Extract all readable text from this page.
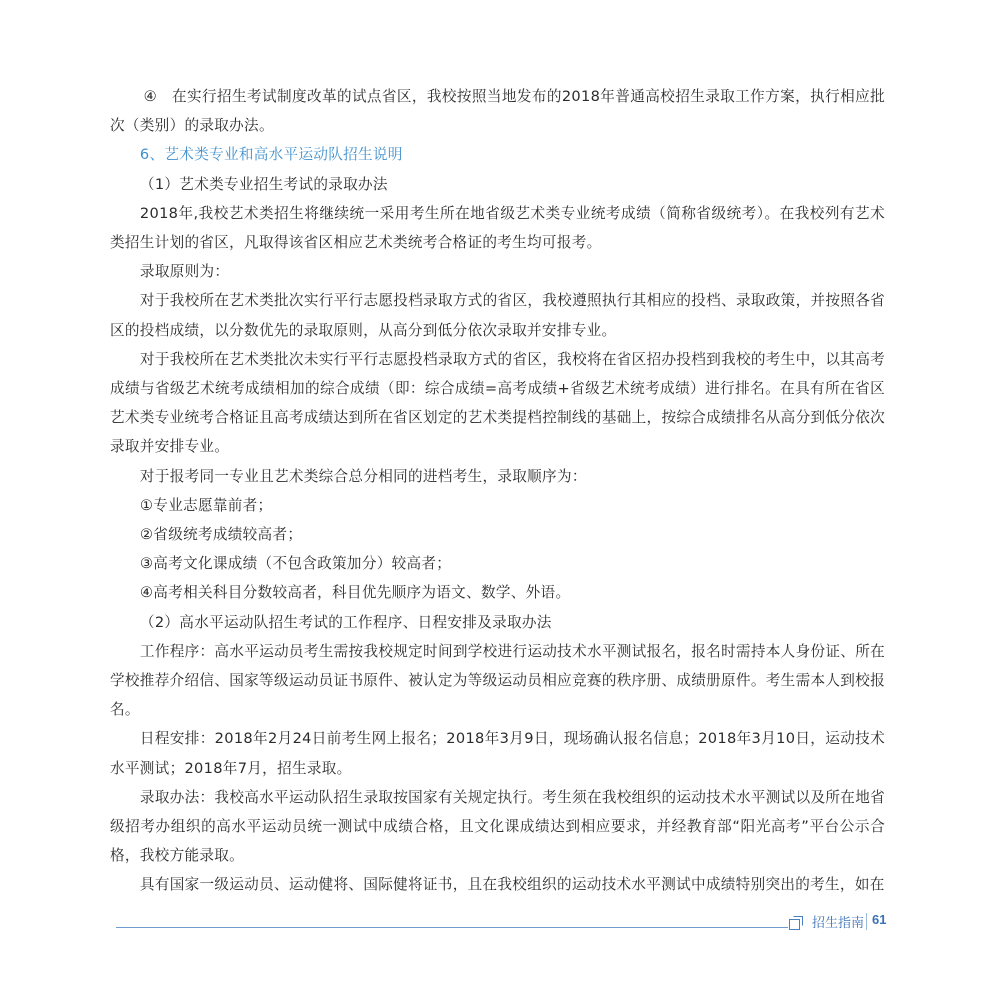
④　在实行招生考试制度改革的试点省区，我校按照当地发布的2018年普通高校招生录取工作方案，执行相应批次（类别）的录取办法。

6、艺术类专业和高水平运动队招生说明

（1）艺术类专业招生考试的录取办法

2018年,我校艺术类招生将继续统一采用考生所在地省级艺术类专业统考成绩（简称省级统考）。在我校列有艺术类招生计划的省区，凡取得该省区相应艺术类统考合格证的考生均可报考。

录取原则为：

对于我校所在艺术类批次实行平行志愿投档录取方式的省区，我校遵照执行其相应的投档、录取政策，并按照各省区的投档成绩，以分数优先的录取原则，从高分到低分依次录取并安排专业。

对于我校所在艺术类批次未实行平行志愿投档录取方式的省区，我校将在省区招办投档到我校的考生中，以其高考成绩与省级艺术统考成绩相加的综合成绩（即：综合成绩=高考成绩+省级艺术统考成绩）进行排名。在具有所在省区艺术类专业统考合格证且高考成绩达到所在省区划定的艺术类提档控制线的基础上，按综合成绩排名从高分到低分依次录取并安排专业。

对于报考同一专业且艺术类综合总分相同的进档考生，录取顺序为：

①专业志愿靠前者；

②省级统考成绩较高者；

③高考文化课成绩（不包含政策加分）较高者；

④高考相关科目分数较高者，科目优先顺序为语文、数学、外语。

（2）高水平运动队招生考试的工作程序、日程安排及录取办法

工作程序：高水平运动员考生需按我校规定时间到学校进行运动技术水平测试报名，报名时需持本人身份证、所在学校推荐介绍信、国家等级运动员证书原件、被认定为等级运动员相应竞赛的秩序册、成绩册原件。考生需本人到校报名。

日程安排：2018年2月24日前考生网上报名；2018年3月9日，现场确认报名信息；2018年3月10日，运动技术水平测试；2018年7月，招生录取。

录取办法：我校高水平运动队招生录取按国家有关规定执行。考生须在我校组织的运动技术水平测试以及所在地省级招考办组织的高水平运动员统一测试中成绩合格，且文化课成绩达到相应要求，并经教育部“阳光高考”平台公示合格，我校方能录取。

具有国家一级运动员、运动健将、国际健将证书，且在我校组织的运动技术水平测试中成绩特别突出的考生，如在

招生指南 61
